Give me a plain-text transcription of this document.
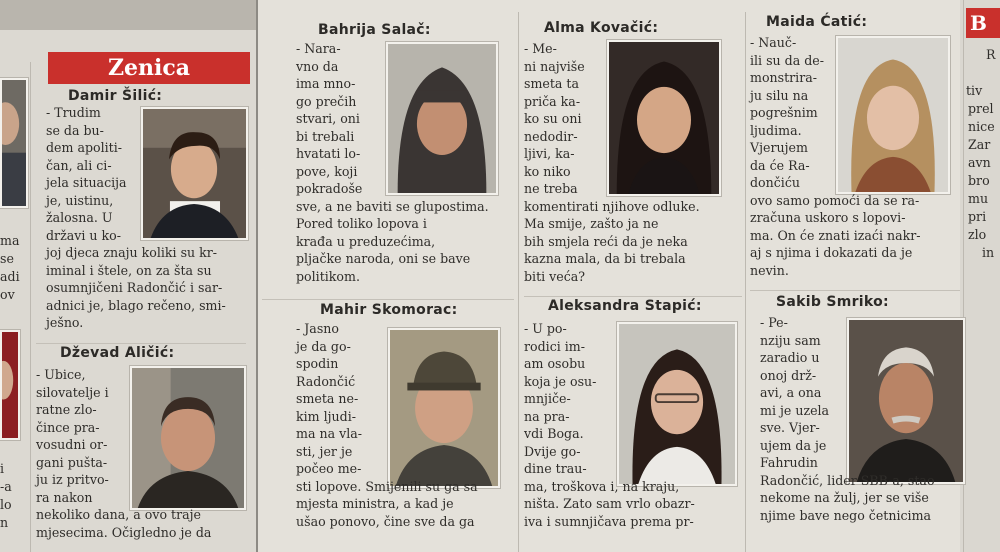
ma
se
adi
ov
i
-a
lo
n
Zenica
B
R
tiv
prel
nice
Zar
avn
bro
mu
pri
zlo
in
Damir Šilić:

- Trudim
se da bu-
dem apoliti-
čan, ali ci-
jela situacija
je, uistinu,
žalosna. U
državi u ko-
joj djeca znaju koliki su kr-
iminal i štele, on za šta su
osumnjičeni Radončić i sar-
adnici je, blago rečeno, smi-
ješno.

Dževad Aličić:

- Ubice,
silovatelje i
ratne zlo-
čince pra-
vosudni or-
gani pušta-
ju iz pritvo-
ra nakon
nekoliko dana, a ovo traje
mjesecima. Očigledno je da

Bahrija Salač:

- Nara-
vno da
ima mno-
go prečih
stvari, oni
bi trebali
hvatati lo-
pove, koji
pokradoše
sve, a ne baviti se glupostima.
Pored toliko lopova i
krađa u preduzećima,
pljačke naroda, oni se bave
politikom.

Mahir Skomorac:

- Jasno
je da go-
spodin
Radončić
smeta ne-
kim ljudi-
ma na vla-
sti, jer je
počeo me-
sti lopove. Smijenili su ga sa
mjesta ministra, a kad je
ušao ponovo, čine sve da ga

Alma Kovačić:

- Me-
ni najviše
smeta ta
priča ka-
ko su oni
nedodir-
ljivi, ka-
ko niko
ne treba
komentirati njihove odluke.
Ma smije, zašto ja ne
bih smjela reći da je neka
kazna mala, da bi trebala
biti veća?

Aleksandra Stapić:

- U po-
rodici im-
am osobu
koja je osu-
mnjiče-
na pra-
vdi Boga.
Dvije go-
dine trau-
ma, troškova i, na kraju,
ništa. Zato sam vrlo obazr-
iva i sumnjičava prema pr-

Maida Ćatić:

- Nauč-
ili su da de-
monstrira-
ju silu na
pogrešnim
ljudima.
Vjerujem
da će Ra-
dončiću
ovo samo pomoći da se ra-
zračuna uskoro s lopovi-
ma. On će znati izaći nakr-
aj s njima i dokazati da je
nevin.

Sakib Smriko:

- Pe-
nziju sam
zaradio u
onoj drž-
avi, a ona
mi je uzela
sve. Vjer-
ujem da je
Fahrudin
Radončić, lider SBB-a, stao
nekome na žulj, jer se više
njime bave nego četnicima
